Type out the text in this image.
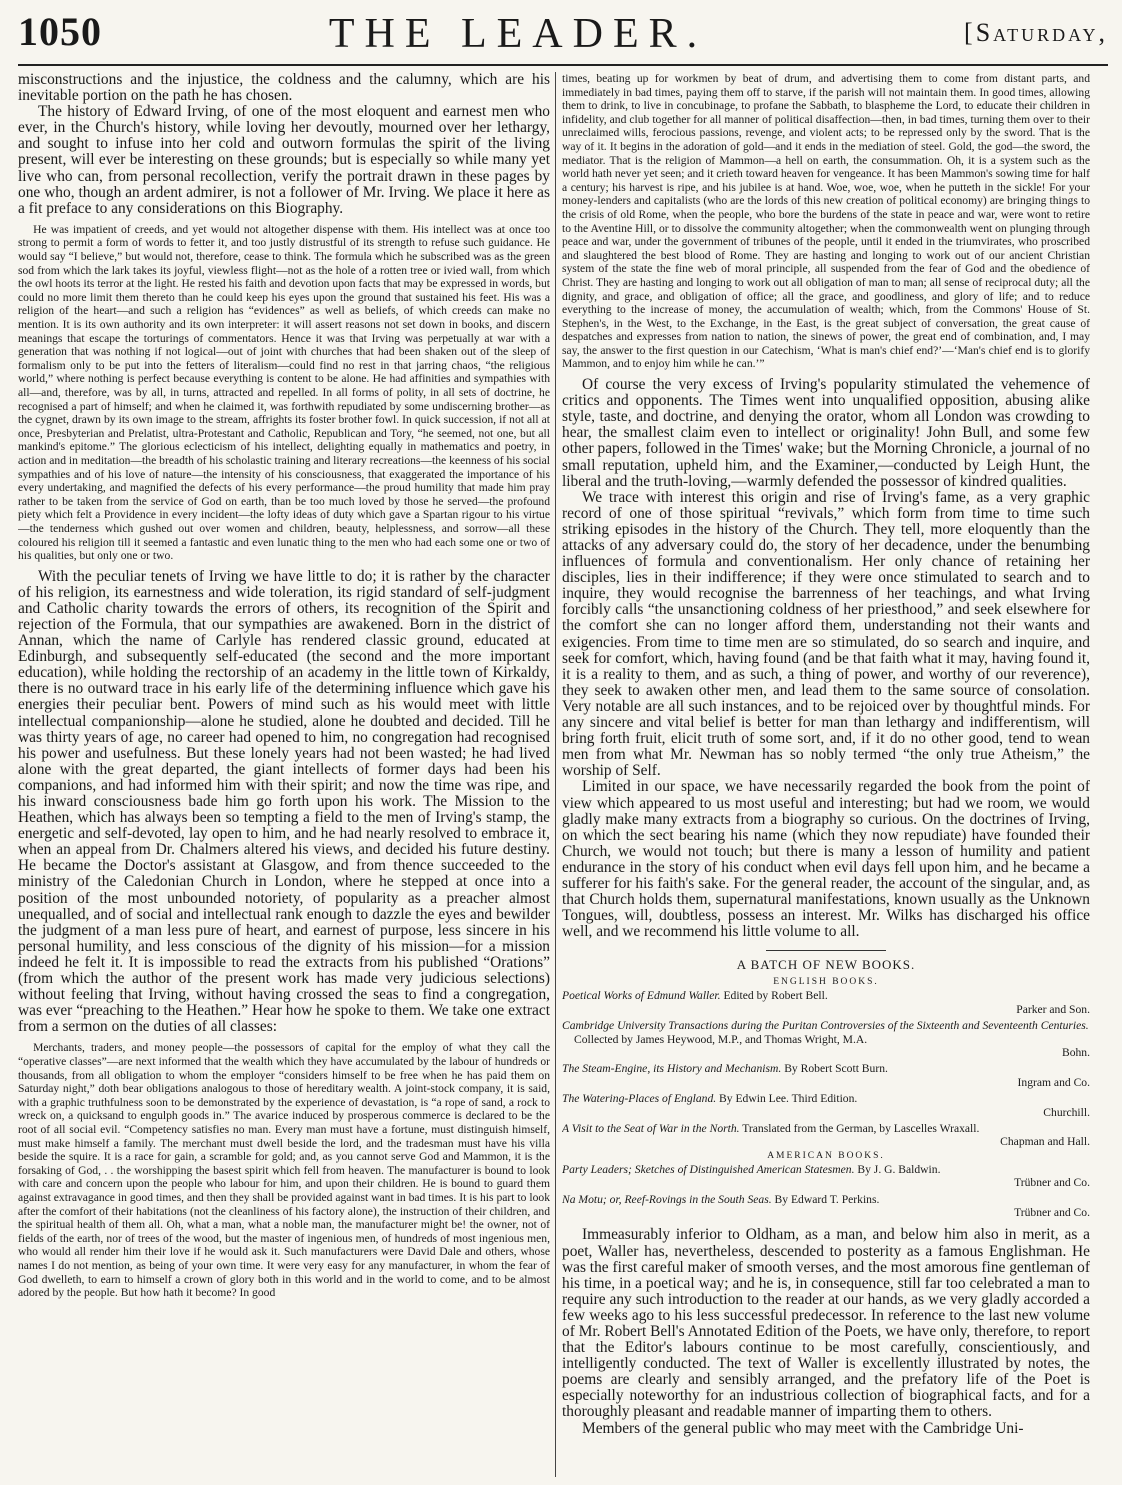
1050	THE LEADER.	[Saturday,

misconstructions and the injustice, the coldness and the calumny, which are his inevitable portion on the path he has chosen.

The history of Edward Irving, of one of the most eloquent and earnest men who ever, in the Church's history, while loving her devoutly, mourned over her lethargy, and sought to infuse into her cold and outworn formulas the spirit of the living present, will ever be interesting on these grounds; but is especially so while many yet live who can, from personal recollection, verify the portrait drawn in these pages by one who, though an ardent admirer, is not a follower of Mr. Irving. We place it here as a fit preface to any considerations on this Biography.

He was impatient of creeds, and yet would not altogether dispense with them. His intellect was at once too strong to permit a form of words to fetter it, and too justly distrustful of its strength to refuse such guidance. He would say “I believe,” but would not, therefore, cease to think. The formula which he subscribed was as the green sod from which the lark takes its joyful, viewless flight—not as the hole of a rotten tree or ivied wall, from which the owl hoots its terror at the light. He rested his faith and devotion upon facts that may be expressed in words, but could no more limit them thereto than he could keep his eyes upon the ground that sustained his feet. His was a religion of the heart—and such a religion has “evidences” as well as beliefs, of which creeds can make no mention. It is its own authority and its own interpreter: it will assert reasons not set down in books, and discern meanings that escape the torturings of commentators. Hence it was that Irving was perpetually at war with a generation that was nothing if not logical—out of joint with churches that had been shaken out of the sleep of formalism only to be put into the fetters of literalism—could find no rest in that jarring chaos, “the religious world,” where nothing is perfect because everything is content to be alone. He had affinities and sympathies with all—and, therefore, was by all, in turns, attracted and repelled. In all forms of polity, in all sets of doctrine, he recognised a part of himself; and when he claimed it, was forthwith repudiated by some undiscerning brother—as the cygnet, drawn by its own image to the stream, affrights its foster brother fowl. In quick succession, if not all at once, Presbyterian and Prelatist, ultra-Protestant and Catholic, Republican and Tory, “he seemed, not one, but all mankind's epitome.” The glorious eclecticism of his intellect, delighting equally in mathematics and poetry, in action and in meditation—the breadth of his scholastic training and literary recreations—the keenness of his social sympathies and of his love of nature—the intensity of his consciousness, that exaggerated the importance of his every undertaking, and magnified the defects of his every performance—the proud humility that made him pray rather to be taken from the service of God on earth, than be too much loved by those he served—the profound piety which felt a Providence in every incident—the lofty ideas of duty which gave a Spartan rigour to his virtue—the tenderness which gushed out over women and children, beauty, helplessness, and sorrow—all these coloured his religion till it seemed a fantastic and even lunatic thing to the men who had each some one or two of his qualities, but only one or two.

With the peculiar tenets of Irving we have little to do; it is rather by the character of his religion, its earnestness and wide toleration, its rigid standard of self-judgment and Catholic charity towards the errors of others, its recognition of the Spirit and rejection of the Formula, that our sympathies are awakened. Born in the district of Annan, which the name of Carlyle has rendered classic ground, educated at Edinburgh, and subsequently self-educated (the second and the more important education), while holding the rectorship of an academy in the little town of Kirkaldy, there is no outward trace in his early life of the determining influence which gave his energies their peculiar bent. Powers of mind such as his would meet with little intellectual companionship—alone he studied, alone he doubted and decided. Till he was thirty years of age, no career had opened to him, no congregation had recognised his power and usefulness. But these lonely years had not been wasted; he had lived alone with the great departed, the giant intellects of former days had been his companions, and had informed him with their spirit; and now the time was ripe, and his inward consciousness bade him go forth upon his work. The Mission to the Heathen, which has always been so tempting a field to the men of Irving's stamp, the energetic and self-devoted, lay open to him, and he had nearly resolved to embrace it, when an appeal from Dr. Chalmers altered his views, and decided his future destiny. He became the Doctor's assistant at Glasgow, and from thence succeeded to the ministry of the Caledonian Church in London, where he stepped at once into a position of the most unbounded notoriety, of popularity as a preacher almost unequalled, and of social and intellectual rank enough to dazzle the eyes and bewilder the judgment of a man less pure of heart, and earnest of purpose, less sincere in his personal humility, and less conscious of the dignity of his mission—for a mission indeed he felt it. It is impossible to read the extracts from his published “Orations” (from which the author of the present work has made very judicious selections) without feeling that Irving, without having crossed the seas to find a congregation, was ever “preaching to the Heathen.” Hear how he spoke to them. We take one extract from a sermon on the duties of all classes:

Merchants, traders, and money people—the possessors of capital for the employ of what they call the “operative classes”—are next informed that the wealth which they have accumulated by the labour of hundreds or thousands, from all obligation to whom the employer “considers himself to be free when he has paid them on Saturday night,” doth bear obligations analogous to those of hereditary wealth. A joint-stock company, it is said, with a graphic truthfulness soon to be demonstrated by the experience of devastation, is “a rope of sand, a rock to wreck on, a quicksand to engulph goods in.” The avarice induced by prosperous commerce is declared to be the root of all social evil. “Competency satisfies no man. Every man must have a fortune, must distinguish himself, must make himself a family. The merchant must dwell beside the lord, and the tradesman must have his villa beside the squire. It is a race for gain, a scramble for gold; and, as you cannot serve God and Mammon, it is the forsaking of God, . . the worshipping the basest spirit which fell from heaven. The manufacturer is bound to look with care and concern upon the people who labour for him, and upon their children. He is bound to guard them against extravagance in good times, and then they shall be provided against want in bad times. It is his part to look after the comfort of their habitations (not the cleanliness of his factory alone), the instruction of their children, and the spiritual health of them all. Oh, what a man, what a noble man, the manufacturer might be! the owner, not of fields of the earth, nor of trees of the wood, but the master of ingenious men, of hundreds of most ingenious men, who would all render him their love if he would ask it. Such manufacturers were David Dale and others, whose names I do not mention, as being of your own time. It were very easy for any manufacturer, in whom the fear of God dwelleth, to earn to himself a crown of glory both in this world and in the world to come, and to be almost adored by the people. But how hath it become? In good

times, beating up for workmen by beat of drum, and advertising them to come from distant parts, and immediately in bad times, paying them off to starve, if the parish will not maintain them. In good times, allowing them to drink, to live in concubinage, to profane the Sabbath, to blaspheme the Lord, to educate their children in infidelity, and club together for all manner of political disaffection—then, in bad times, turning them over to their unreclaimed wills, ferocious passions, revenge, and violent acts; to be repressed only by the sword. That is the way of it. It begins in the adoration of gold—and it ends in the mediation of steel. Gold, the god—the sword, the mediator. That is the religion of Mammon—a hell on earth, the consummation. Oh, it is a system such as the world hath never yet seen; and it crieth toward heaven for vengeance. It has been Mammon's sowing time for half a century; his harvest is ripe, and his jubilee is at hand. Woe, woe, woe, when he putteth in the sickle! For your money-lenders and capitalists (who are the lords of this new creation of political economy) are bringing things to the crisis of old Rome, when the people, who bore the burdens of the state in peace and war, were wont to retire to the Aventine Hill, or to dissolve the community altogether; when the commonwealth went on plunging through peace and war, under the government of tribunes of the people, until it ended in the triumvirates, who proscribed and slaughtered the best blood of Rome. They are hasting and longing to work out of our ancient Christian system of the state the fine web of moral principle, all suspended from the fear of God and the obedience of Christ. They are hasting and longing to work out all obligation of man to man; all sense of reciprocal duty; all the dignity, and grace, and obligation of office; all the grace, and goodliness, and glory of life; and to reduce everything to the increase of money, the accumulation of wealth; which, from the Commons' House of St. Stephen's, in the West, to the Exchange, in the East, is the great subject of conversation, the great cause of despatches and expresses from nation to nation, the sinews of power, the great end of combination, and, I may say, the answer to the first question in our Catechism, ‘What is man's chief end?’—‘Man's chief end is to glorify Mammon, and to enjoy him while he can.’”

Of course the very excess of Irving's popularity stimulated the vehemence of critics and opponents. The Times went into unqualified opposition, abusing alike style, taste, and doctrine, and denying the orator, whom all London was crowding to hear, the smallest claim even to intellect or originality! John Bull, and some few other papers, followed in the Times' wake; but the Morning Chronicle, a journal of no small reputation, upheld him, and the Examiner,—conducted by Leigh Hunt, the liberal and the truth-loving,—warmly defended the possessor of kindred qualities.

We trace with interest this origin and rise of Irving's fame, as a very graphic record of one of those spiritual “revivals,” which form from time to time such striking episodes in the history of the Church. They tell, more eloquently than the attacks of any adversary could do, the story of her decadence, under the benumbing influences of formula and conventionalism. Her only chance of retaining her disciples, lies in their indifference; if they were once stimulated to search and to inquire, they would recognise the barrenness of her teachings, and what Irving forcibly calls “the unsanctioning coldness of her priesthood,” and seek elsewhere for the comfort she can no longer afford them, understanding not their wants and exigencies. From time to time men are so stimulated, do so search and inquire, and seek for comfort, which, having found (and be that faith what it may, having found it, it is a reality to them, and as such, a thing of power, and worthy of our reverence), they seek to awaken other men, and lead them to the same source of consolation. Very notable are all such instances, and to be rejoiced over by thoughtful minds. For any sincere and vital belief is better for man than lethargy and indifferentism, will bring forth fruit, elicit truth of some sort, and, if it do no other good, tend to wean men from what Mr. Newman has so nobly termed “the only true Atheism,” the worship of Self.

Limited in our space, we have necessarily regarded the book from the point of view which appeared to us most useful and interesting; but had we room, we would gladly make many extracts from a biography so curious. On the doctrines of Irving, on which the sect bearing his name (which they now repudiate) have founded their Church, we would not touch; but there is many a lesson of humility and patient endurance in the story of his conduct when evil days fell upon him, and he became a sufferer for his faith's sake. For the general reader, the account of the singular, and, as that Church holds them, supernatural manifestations, known usually as the Unknown Tongues, will, doubtless, possess an interest. Mr. Wilks has discharged his office well, and we recommend his little volume to all.

A BATCH OF NEW BOOKS.
ENGLISH BOOKS.
Poetical Works of Edmund Waller. Edited by Robert Bell.
Parker and Son.
Cambridge University Transactions during the Puritan Controversies of the Sixteenth and Seventeenth Centuries. Collected by James Heywood, M.P., and Thomas Wright, M.A.
Bohn.
The Steam-Engine, its History and Mechanism. By Robert Scott Burn.
Ingram and Co.
The Watering-Places of England. By Edwin Lee. Third Edition.
Churchill.
A Visit to the Seat of War in the North. Translated from the German, by Lascelles Wraxall.
Chapman and Hall.
AMERICAN BOOKS.
Party Leaders; Sketches of Distinguished American Statesmen. By J. G. Baldwin.
Trübner and Co.
Na Motu; or, Reef-Rovings in the South Seas. By Edward T. Perkins.
Trübner and Co.

Immeasurably inferior to Oldham, as a man, and below him also in merit, as a poet, Waller has, nevertheless, descended to posterity as a famous Englishman. He was the first careful maker of smooth verses, and the most amorous fine gentleman of his time, in a poetical way; and he is, in consequence, still far too celebrated a man to require any such introduction to the reader at our hands, as we very gladly accorded a few weeks ago to his less successful predecessor. In reference to the last new volume of Mr. Robert Bell's Annotated Edition of the Poets, we have only, therefore, to report that the Editor's labours continue to be most carefully, conscientiously, and intelligently conducted. The text of Waller is excellently illustrated by notes, the poems are clearly and sensibly arranged, and the prefatory life of the Poet is especially noteworthy for an industrious collection of biographical facts, and for a thoroughly pleasant and readable manner of imparting them to others.

Members of the general public who may meet with the Cambridge Uni-
